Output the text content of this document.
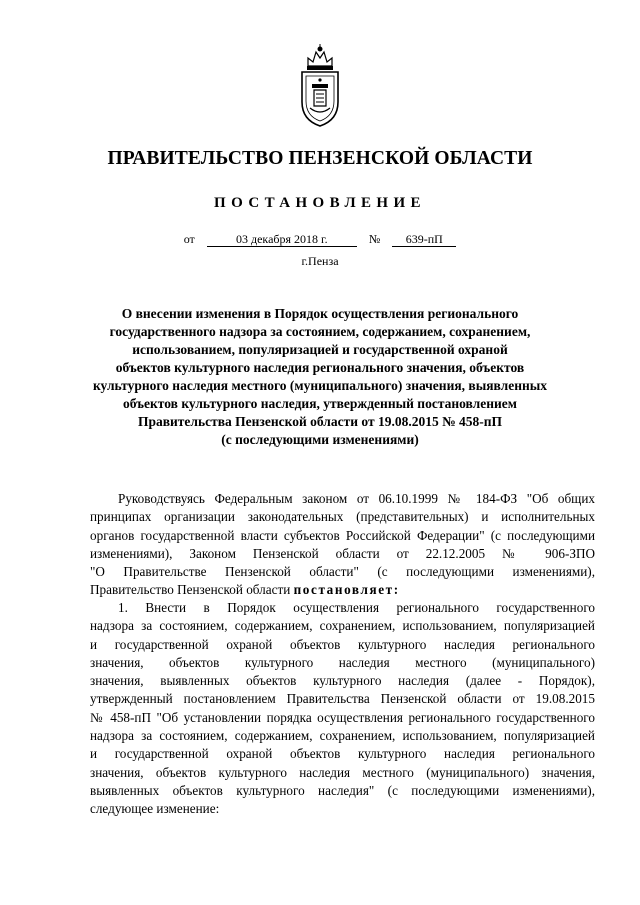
ПРАВИТЕЛЬСТВО ПЕНЗЕНСКОЙ ОБЛАСТИ
ПОСТАНОВЛЕНИЕ
от	03 декабря 2018 г.	№ 639-пП
г.Пенза
О внесении изменения в Порядок осуществления регионального
государственного надзора за состоянием, содержанием, сохранением,
использованием, популяризацией и государственной охраной
объектов культурного наследия регионального значения, объектов
культурного наследия местного (муниципального) значения, выявленных
объектов культурного наследия, утвержденный постановлением
Правительства Пензенской области от 19.08.2015 № 458-пП
(с последующими изменениями)
Руководствуясь Федеральным законом от 06.10.1999 № 184-ФЗ "Об общих
принципах организации законодательных (представительных) и исполнительных
органов государственной власти субъектов Российской Федерации" (с последующими
изменениями), Законом Пензенской области от 22.12.2005 № 906-ЗПО
"О Правительстве Пензенской области" (с последующими изменениями),
Правительство Пензенской области постановляет:
1. Внести в Порядок осуществления регионального государственного
надзора за состоянием, содержанием, сохранением, использованием, популяризацией
и государственной охраной объектов культурного наследия регионального
значения, объектов культурного наследия местного (муниципального)
значения, выявленных объектов культурного наследия (далее - Порядок),
утвержденный постановлением Правительства Пензенской области от 19.08.2015
№ 458-пП "Об установлении порядка осуществления регионального государственного
надзора за состоянием, содержанием, сохранением, использованием, популяризацией
и государственной охраной объектов культурного наследия регионального
значения, объектов культурного наследия местного (муниципального) значения,
выявленных объектов культурного наследия" (с последующими изменениями),
следующее изменение:
